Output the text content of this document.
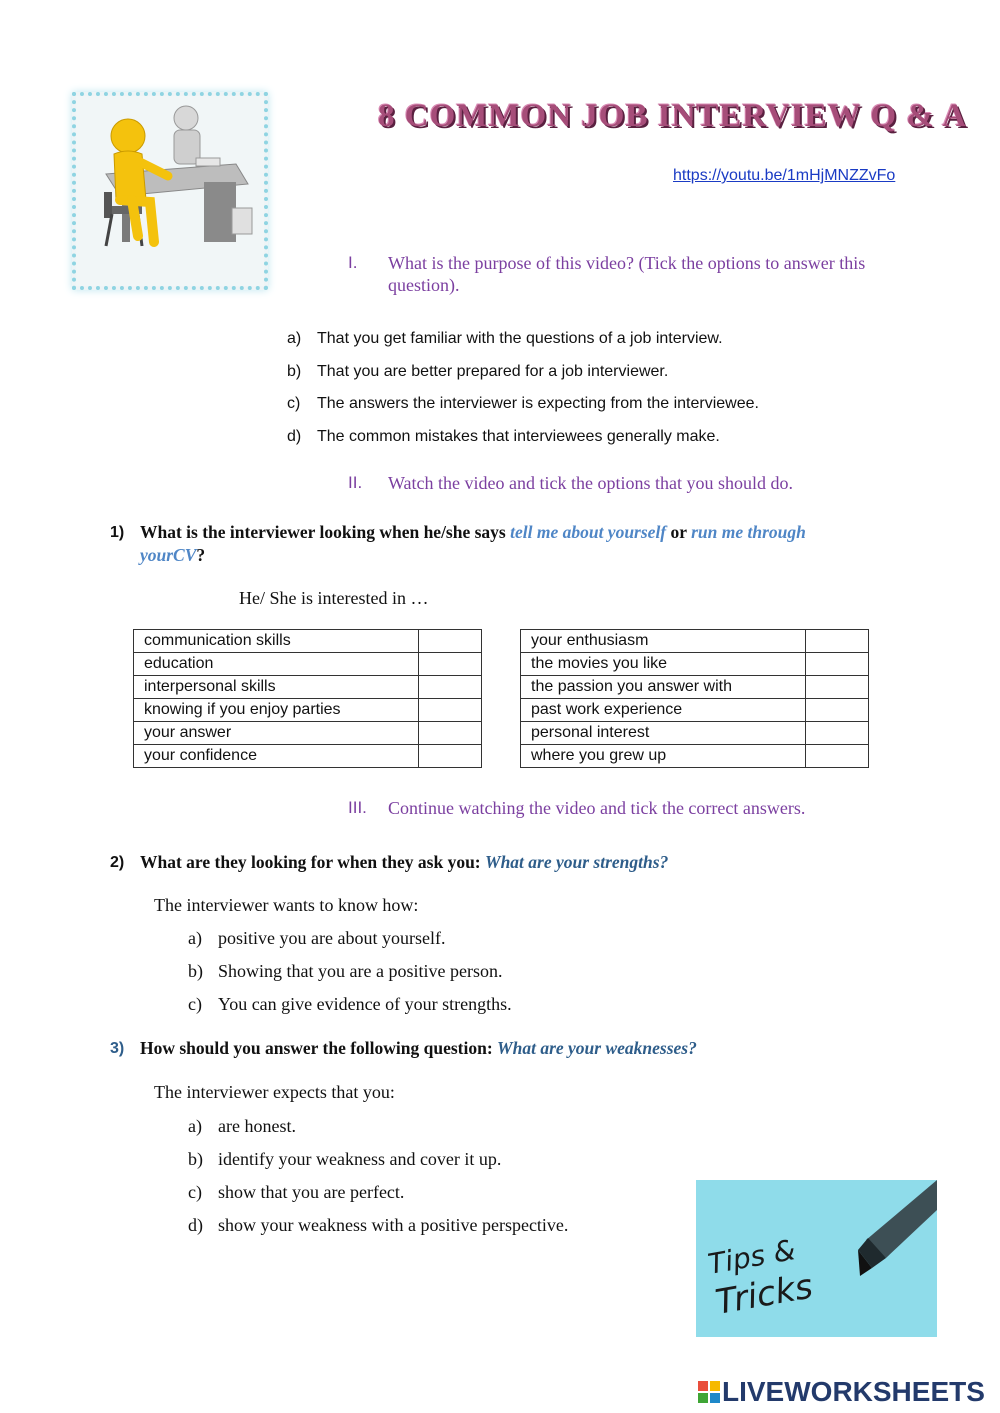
8 COMMON JOB INTERVIEW Q & A
https://youtu.be/1mHjMNZZvFo
I. What is the purpose of this video? (Tick the options to answer this
question).
a) That you get familiar with the questions of a job interview.
b) That you are better prepared for a job interviewer.
c) The answers the interviewer is expecting from the interviewee.
d) The common mistakes that interviewees generally make.
II. Watch the video and tick the options that you should do.
1) What is the interviewer looking when he/she says tell me about yourself or run me through
yourCV?
He/ She is interested in …
communication skills	
education	
interpersonal skills	
knowing if you enjoy parties	
your answer	
your confidence	
your enthusiasm	
the movies you like	
the passion you answer with	
past work experience	
personal interest	
where you grew up	
III. Continue watching the video and tick the correct answers.
2) What are they looking for when they ask you: What are your strengths?
The interviewer wants to know how:
a) positive you are about yourself.
b) Showing that you are a positive person.
c) You can give evidence of your strengths.
3) How should you answer the following question: What are your weaknesses?
The interviewer expects that you:
a) are honest.
b) identify your weakness and cover it up.
c) show that you are perfect.
d) show your weakness with a positive perspective.
Tips &
Tricks
LIVEWORKSHEETS
